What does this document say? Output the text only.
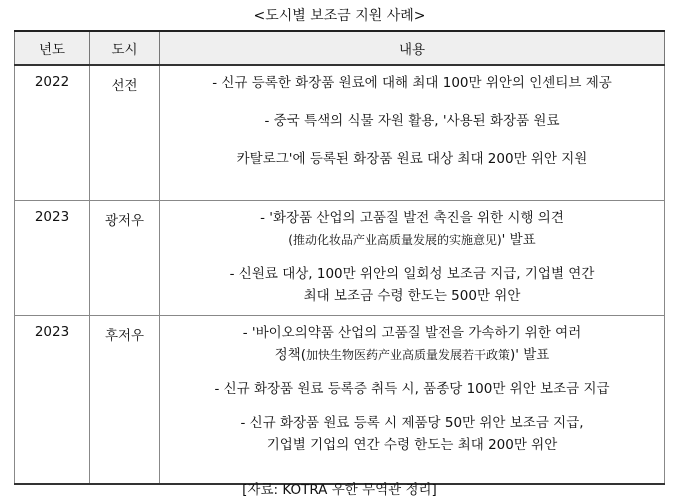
<도시별 보조금 지원 사례>
년도	도시	내용
2022	선전	- 신규 등록한 화장품 원료에 대해 최대 100만 위안의 인센티브 제공
- 중국 특색의 식물 자원 활용, '사용된 화장품 원료
카탈로그'에 등록된 화장품 원료 대상 최대 200만 위안 지원

2023	광저우	- '화장품 산업의 고품질 발전 촉진을 위한 시행 의견
(推动化妆品产业高质量发展的实施意见)' 발표
- 신원료 대상, 100만 위안의 일회성 보조금 지급, 기업별 연간
최대 보조금 수령 한도는 500만 위안

2023	후저우	- '바이오의약품 산업의 고품질 발전을 가속하기 위한 여러
정책(加快生物医药产业高质量发展若干政策)' 발표
- 신규 화장품 원료 등록증 취득 시, 품종당 100만 위안 보조금 지급
- 신규 화장품 원료 등록 시 제품당 50만 위안 보조금 지급,
기업별 기업의 연간 수령 한도는 최대 200만 위안
[자료: KOTRA 우한 무역관 정리]
